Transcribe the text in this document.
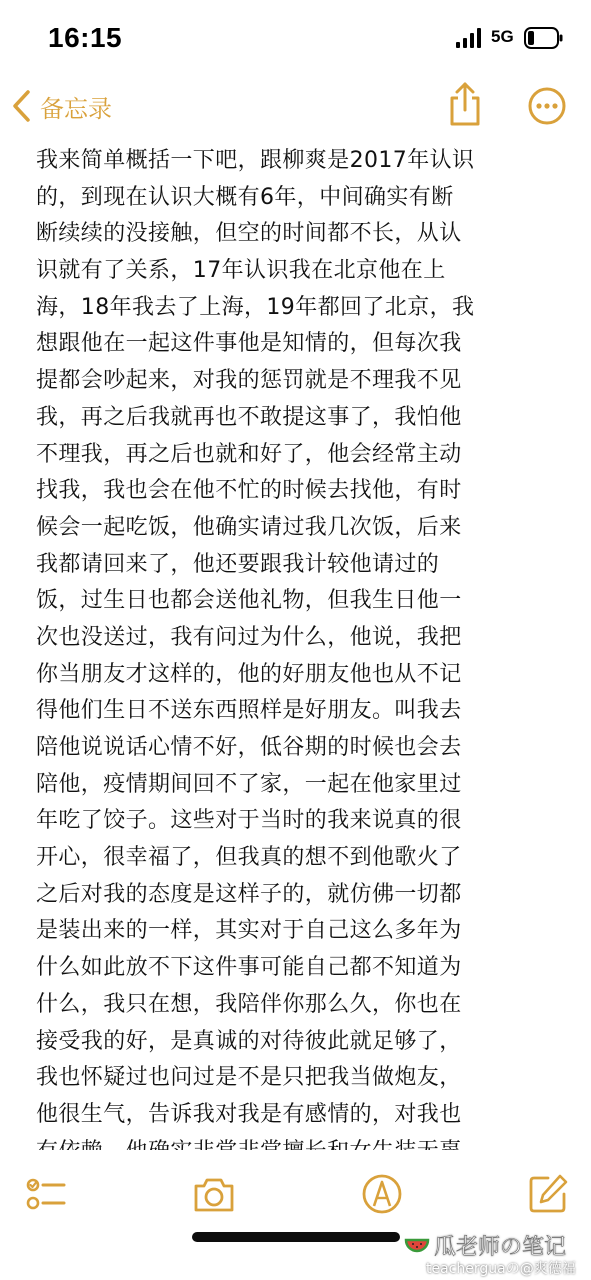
16:15	5G
备忘录
我来简单概括一下吧，跟柳爽是2017年认识
的，到现在认识大概有6年，中间确实有断
断续续的没接触，但空的时间都不长，从认
识就有了关系，17年认识我在北京他在上
海，18年我去了上海，19年都回了北京，我
想跟他在一起这件事他是知情的，但每次我
提都会吵起来，对我的惩罚就是不理我不见
我，再之后我就再也不敢提这事了，我怕他
不理我，再之后也就和好了，他会经常主动
找我，我也会在他不忙的时候去找他，有时
候会一起吃饭，他确实请过我几次饭，后来
我都请回来了，他还要跟我计较他请过的
饭，过生日也都会送他礼物，但我生日他一
次也没送过，我有问过为什么，他说，我把
你当朋友才这样的，他的好朋友他也从不记
得他们生日不送东西照样是好朋友。叫我去
陪他说说话心情不好，低谷期的时候也会去
陪他，疫情期间回不了家，一起在他家里过
年吃了饺子。这些对于当时的我来说真的很
开心，很幸福了，但我真的想不到他歌火了
之后对我的态度是这样子的，就仿佛一切都
是装出来的一样，其实对于自己这么多年为
什么如此放不下这件事可能自己都不知道为
什么，我只在想，我陪伴你那么久，你也在
接受我的好，是真诚的对待彼此就足够了，
我也怀疑过也问过是不是只把我当做炮友，
他很生气，告诉我对我是有感情的，对我也
瓜老师の笔记
teacherguaの@爽德福
